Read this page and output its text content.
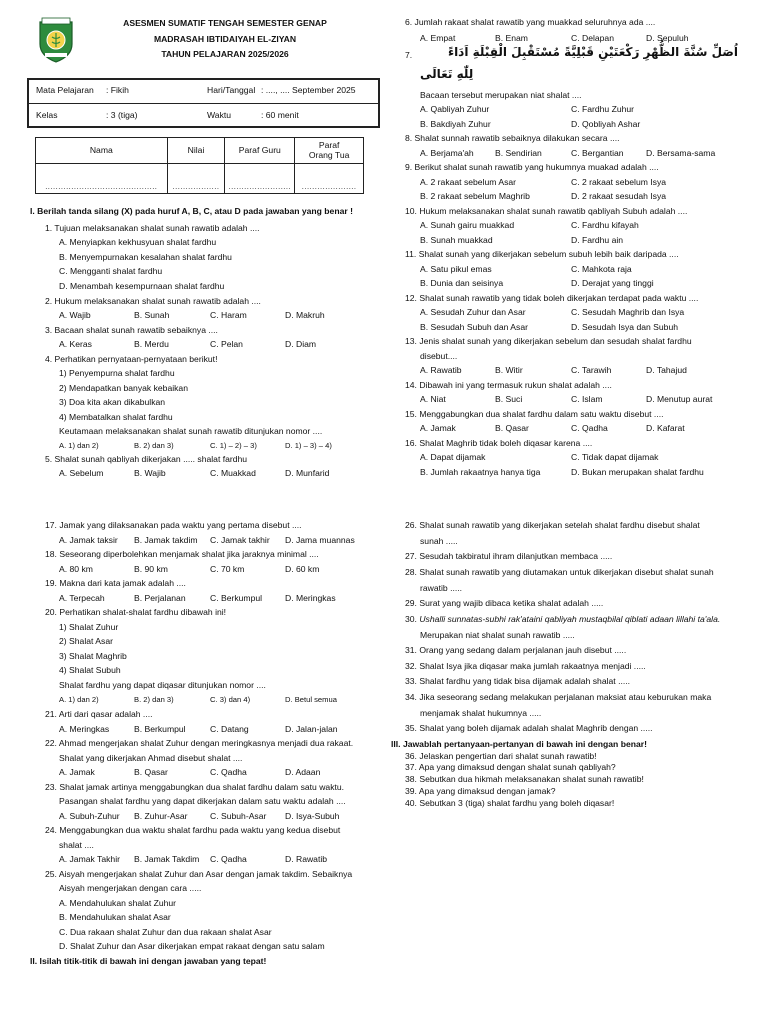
ASESMEN SUMATIF TENGAH SEMESTER GENAP
MADRASAH IBTIDAIYAH EL-ZIYAN
TAHUN PELAJARAN 2025/2026
Mata Pelajaran : Fikih	Hari/Tanggal : ...., .... September 2025
Kelas	: 3 (tiga)	Waktu	: 60 menit
Nama	Nilai	Paraf Guru	Paraf
Orang Tua
...........................................	..................	........................	.....................
I. Berilah tanda silang (X) pada huruf A, B, C, atau D pada jawaban yang benar !
1. Tujuan melaksanakan shalat sunah rawatib adalah ....
A. Menyiapkan kekhusyuan shalat fardhu
B. Menyempurnakan kesalahan shalat fardhu
C. Mengganti shalat fardhu
D. Menambah kesempurnaan shalat fardhu
2. Hukum melaksanakan shalat sunah rawatib adalah ....
A. Wajib	B. Sunah	C. Haram	D. Makruh
3. Bacaan shalat sunah rawatib sebaiknya ....
A. Keras	B. Merdu	C. Pelan	D. Diam
4. Perhatikan pernyataan-pernyataan berikut!
1) Penyempurna shalat fardhu
2) Mendapatkan banyak kebaikan
3) Doa kita akan dikabulkan
4) Membatalkan shalat fardhu
Keutamaan melaksanakan shalat sunah rawatib ditunjukan nomor ....
A. 1) dan 2)	B. 2) dan 3)	C. 1) – 2) – 3)	D. 1) – 3) – 4)
5. Shalat sunah qabliyah dikerjakan ..... shalat fardhu
A. Sebelum	B. Wajib	C. Muakkad	D. Munfarid
6. Jumlah rakaat shalat rawatib yang muakkad seluruhnya ada ....
A. Empat	B. Enam	C. Delapan	D. Sepuluh
7.	اُصَلِّ سُنَّةَ الظُّهْرِ رَكْعَتَيْنِ قَبْلِيَّةً مُسْتَقْبِلَ الْقِبْلَةِ اَدَاءً
لِلّٰهِ تَعَالَى
Bacaan tersebut merupakan niat shalat ....
A. Qabliyah Zuhur	C. Fardhu Zuhur
B. Bakdiyah Zuhur	D. Qobliyah Ashar
8. Shalat sunnah rawatib sebaiknya dilakukan secara ....
A. Berjama'ah B. Sendirian	C. Bergantian	D. Bersama-sama
9. Berikut shalat sunah rawatib yang hukumnya muakad adalah ....
A. 2 rakaat sebelum Asar	C. 2 rakaat sebelum Isya
B. 2 rakaat sebelum Maghrib	D. 2 rakaat sesudah Isya
10. Hukum melaksanakan shalat sunah rawatib qabliyah Subuh adalah ....
A. Sunah gairu muakkad	C. Fardhu kifayah
B. Sunah muakkad	D. Fardhu ain
11. Shalat sunah yang dikerjakan sebelum subuh lebih baik daripada ....
A. Satu pikul emas	C. Mahkota raja
B. Dunia dan seisinya	D. Derajat yang tinggi
12. Shalat sunah rawatib yang tidak boleh dikerjakan terdapat pada waktu ....
A. Sesudah Zuhur dan Asar	C. Sesudah Maghrib dan Isya
B. Sesudah Subuh dan Asar	D. Sesudah Isya dan Subuh
13. Jenis shalat sunah yang dikerjakan sebelum dan sesudah shalat fardhu
disebut....
A. Rawatib	B. Witir	C. Tarawih	D. Tahajud
14. Dibawah ini yang termasuk rukun shalat adalah ....
A. Niat	B. Suci	C. Islam	D. Menutup aurat
15. Menggabungkan dua shalat fardhu dalam satu waktu disebut ....
A. Jamak	B. Qasar	C. Qadha	D. Kafarat
16. Shalat Maghrib tidak boleh diqasar karena ....
A. Dapat dijamak	C. Tidak dapat dijamak
B. Jumlah rakaatnya hanya tiga	D. Bukan merupakan shalat fardhu
17. Jamak yang dilaksanakan pada waktu yang pertama disebut ....
A. Jamak taksir B. Jamak takdim C. Jamak takhir D. Jama muannas
18. Seseorang diperbolehkan menjamak shalat jika jaraknya minimal ....
A. 80 km	B. 90 km	C. 70 km	D. 60 km
19. Makna dari kata jamak adalah ....
A. Terpecah	B. Perjalanan	C. Berkumpul	D. Meringkas
20. Perhatikan shalat-shalat fardhu dibawah ini!
1) Shalat Zuhur
2) Shalat Asar
3) Shalat Maghrib
4) Shalat Subuh
Shalat fardhu yang dapat diqasar ditunjukan nomor ....
A. 1) dan 2)	B. 2) dan 3)	C. 3) dan 4)	D. Betul semua
21. Arti dari qasar adalah ....
A. Meringkas	B. Berkumpul	C. Datang	D. Jalan-jalan
22. Ahmad mengerjakan shalat Zuhur dengan meringkasnya menjadi dua rakaat.
Shalat yang dikerjakan Ahmad disebut shalat ....
A. Jamak	B. Qasar	C. Qadha	D. Adaan
23. Shalat jamak artinya menggabungkan dua shalat fardhu dalam satu waktu.
Pasangan shalat fardhu yang dapat dikerjakan dalam satu waktu adalah ....
A. Subuh-Zuhur B. Zuhur-Asar	C. Subuh-Asar D. Isya-Subuh
24. Menggabungkan dua waktu shalat fardhu pada waktu yang kedua disebut
shalat ....
A. Jamak Takhir B. Jamak Takdim C. Qadha	D. Rawatib
25. Aisyah mengerjakan shalat Zuhur dan Asar dengan jamak takdim. Sebaiknya
Aisyah mengerjakan dengan cara .....
A. Mendahulukan shalat Zuhur
B. Mendahulukan shalat Asar
C. Dua rakaan shalat Zuhur dan dua rakaan shalat Asar
D. Shalat Zuhur dan Asar dikerjakan empat rakaat dengan satu salam
II. Isilah titik-titik di bawah ini dengan jawaban yang tepat!
26. Shalat sunah rawatib yang dikerjakan setelah shalat fardhu disebut shalat
sunah .....
27. Sesudah takbiratul ihram dilanjutkan membaca .....
28. Shalat sunah rawatib yang diutamakan untuk dikerjakan disebut shalat sunah
rawatib .....
29. Surat yang wajib dibaca ketika shalat adalah .....
30. Ushalli sunnatas-subhi rak'ataini qabliyah mustaqbilal qiblati adaan lillahi ta'ala.
Merupakan niat shalat sunah rawatib .....
31. Orang yang sedang dalam perjalanan jauh disebut .....
32. Shalat Isya jika diqasar maka jumlah rakaatnya menjadi .....
33. Shalat fardhu yang tidak bisa dijamak adalah shalat .....
34. Jika seseorang sedang melakukan perjalanan maksiat atau keburukan maka
menjamak shalat hukumnya .....
35. Shalat yang boleh dijamak adalah shalat Maghrib dengan .....
III. Jawablah pertanyaan-pertanyan di bawah ini dengan benar!
36. Jelaskan pengertian dari shalat sunah rawatib!
37. Apa yang dimaksud dengan shalat sunah qabliyah?
38. Sebutkan dua hikmah melaksanakan shalat sunah rawatib!
39. Apa yang dimaksud dengan jamak?
40. Sebutkan 3 (tiga) shalat fardhu yang boleh diqasar!
